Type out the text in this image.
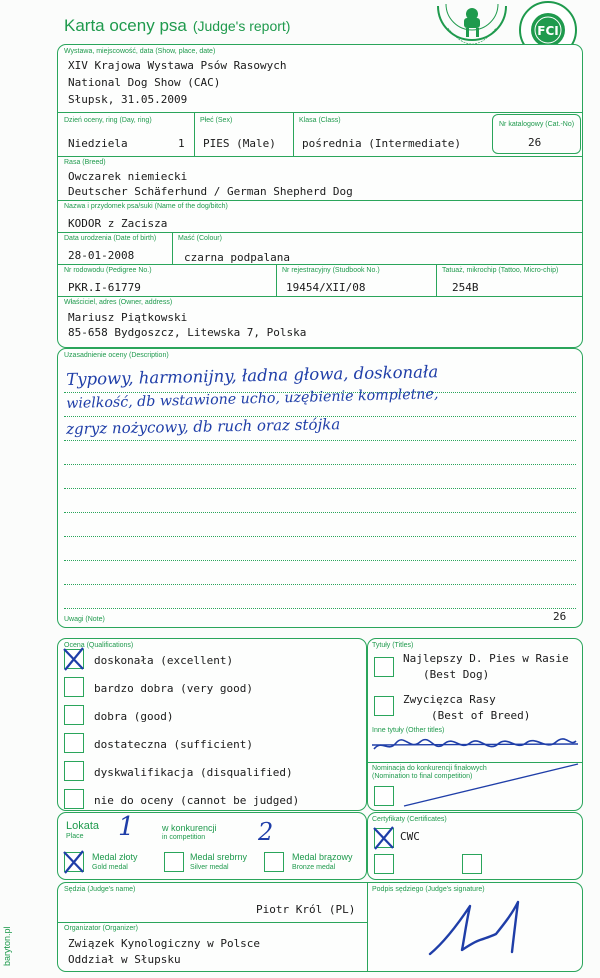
Karta oceny psa (Judge's report)	FCI
Wystawa, miejscowość, data (Show, place, date)
XIV Krajowa Wystawa Psów Rasowych
National Dog Show (CAC)
Słupsk, 31.05.2009
Dzień oceny, ring (Day, ring)
Niedziela	1
Płeć (Sex)
PIES (Male)
Klasa (Class)
pośrednia (Intermediate)
Nr katalogowy (Cat.-No)
26
Rasa (Breed)
Owczarek niemiecki
Deutscher Schäferhund / German Shepherd Dog
Nazwa i przydomek psa/suki (Name of the dog/bitch)
KODOR z Zacisza
Data urodzenia (Date of birth)
28-01-2008
Maść (Colour)
czarna podpalana
Nr rodowodu (Pedigree No.)
PKR.I-61779
Nr rejestracyjny (Studbook No.)
19454/XII/08
Tatuaż, mikrochip (Tattoo, Micro-chip)
254B
Właściciel, adres (Owner, address)
Mariusz Piątkowski
85-658 Bydgoszcz, Litewska 7, Polska
Uzasadnienie oceny (Description)
Typowy, harmonijny, ładna głowa, doskonała
wielkość, db wstawione ucho, uzębienie kompletne,
zgryz nożycowy, db ruch oraz stójka
Uwagi (Note)	26
Ocena (Qualifications)
doskonała (excellent)
bardzo dobra (very good)
dobra (good)
dostateczna (sufficient)
dyskwalifikacja (disqualified)
nie do oceny (cannot be judged)
Tytuły (Titles)
Najlepszy D. Pies w Rasie
(Best Dog)
Zwycięzca Rasy
(Best of Breed)
Inne tytuły (Other titles)
Nominacja do konkurencji finałowych
(Nomination to final competition)
Lokata
Place 1	w konkurencji
in competition 2
Medal złoty
Gold medal
Medal srebrny
Silver medal
Medal brązowy
Bronze medal
Certyfikaty (Certificates)
CWC
Sędzia (Judge's name)
Piotr Król (PL)
Podpis sędziego (Judge's signature)
Organizator (Organizer)
Związek Kynologiczny w Polsce
Oddział w Słupsku
baryton.pl
